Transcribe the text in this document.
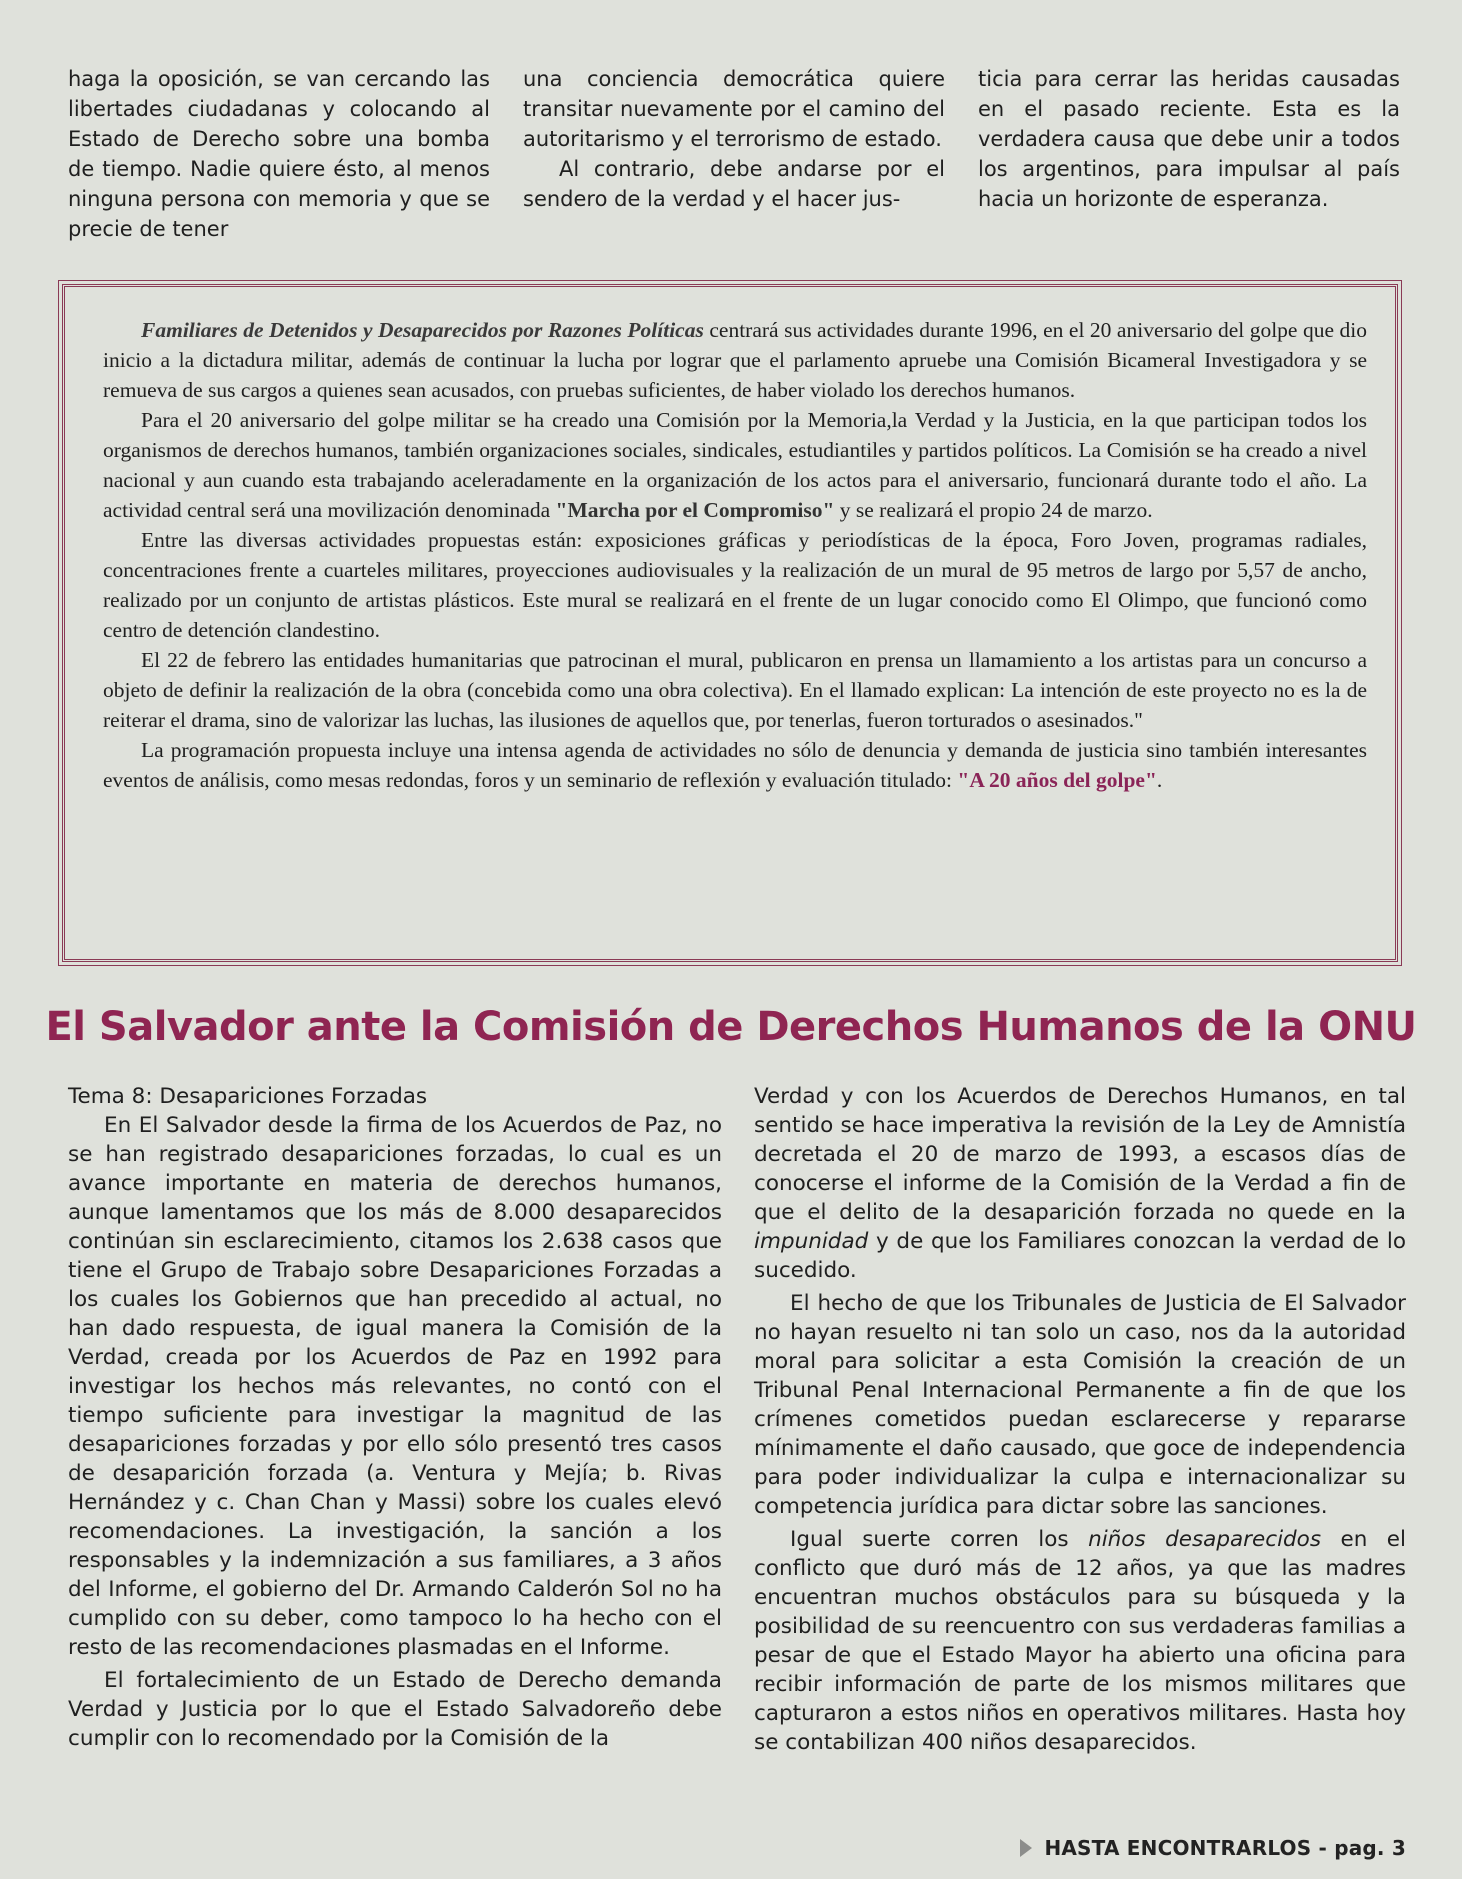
haga la oposición, se van cercando las libertades ciudadanas y colocando al Estado de Derecho sobre una bomba de tiempo. Nadie quiere ésto, al menos ninguna persona con memoria y que se precie de tener

una conciencia democrática quiere transitar nuevamente por el camino del autoritarismo y el terrorismo de estado.

Al contrario, debe andarse por el sendero de la verdad y el hacer jus-

ticia para cerrar las heridas causadas en el pasado reciente. Esta es la verdadera causa que debe unir a todos los argentinos, para impulsar al país hacia un horizonte de esperanza.

Familiares de Detenidos y Desaparecidos por Razones Políticas centrará sus actividades durante 1996, en el 20 aniversario del golpe que dio inicio a la dictadura militar, además de continuar la lucha por lograr que el parlamento apruebe una Comisión Bicameral Investigadora y se remueva de sus cargos a quienes sean acusados, con pruebas suficientes, de haber violado los derechos humanos.

Para el 20 aniversario del golpe militar se ha creado una Comisión por la Memoria,la Verdad y la Justicia, en la que participan todos los organismos de derechos humanos, también organizaciones sociales, sindicales, estudiantiles y partidos políticos. La Comisión se ha creado a nivel nacional y aun cuando esta trabajando aceleradamente en la organización de los actos para el aniversario, funcionará durante todo el año. La actividad central será una movilización denominada "Marcha por el Compromiso" y se realizará el propio 24 de marzo.

Entre las diversas actividades propuestas están: exposiciones gráficas y periodísticas de la época, Foro Joven, programas radiales, concentraciones frente a cuarteles militares, proyecciones audiovisuales y la realización de un mural de 95 metros de largo por 5,57 de ancho, realizado por un conjunto de artistas plásticos. Este mural se realizará en el frente de un lugar conocido como El Olimpo, que funcionó como centro de detención clandestino.

El 22 de febrero las entidades humanitarias que patrocinan el mural, publicaron en prensa un llamamiento a los artistas para un concurso a objeto de definir la realización de la obra (concebida como una obra colectiva). En el llamado explican: La intención de este proyecto no es la de reiterar el drama, sino de valorizar las luchas, las ilusiones de aquellos que, por tenerlas, fueron torturados o asesinados."

La programación propuesta incluye una intensa agenda de actividades no sólo de denuncia y demanda de justicia sino también interesantes eventos de análisis, como mesas redondas, foros y un seminario de reflexión y evaluación titulado: "A 20 años del golpe".

El Salvador ante la Comisión de Derechos Humanos de la ONU

Tema 8: Desapariciones Forzadas

En El Salvador desde la firma de los Acuerdos de Paz, no se han registrado desapariciones forzadas, lo cual es un avance importante en materia de derechos humanos, aunque lamentamos que los más de 8.000 desaparecidos continúan sin esclarecimiento, citamos los 2.638 casos que tiene el Grupo de Trabajo sobre Desapariciones Forzadas a los cuales los Gobiernos que han precedido al actual, no han dado respuesta, de igual manera la Comisión de la Verdad, creada por los Acuerdos de Paz en 1992 para investigar los hechos más relevantes, no contó con el tiempo suficiente para investigar la magnitud de las desapariciones forzadas y por ello sólo presentó tres casos de desaparición forzada (a. Ventura y Mejía; b. Rivas Hernández y c. Chan Chan y Massi) sobre los cuales elevó recomendaciones. La investigación, la sanción a los responsables y la indemnización a sus familiares, a 3 años del Informe, el gobierno del Dr. Armando Calderón Sol no ha cumplido con su deber, como tampoco lo ha hecho con el resto de las recomendaciones plasmadas en el Informe.

El fortalecimiento de un Estado de Derecho demanda Verdad y Justicia por lo que el Estado Salvadoreño debe cumplir con lo recomendado por la Comisión de la

Verdad y con los Acuerdos de Derechos Humanos, en tal sentido se hace imperativa la revisión de la Ley de Amnistía decretada el 20 de marzo de 1993, a escasos días de conocerse el informe de la Comisión de la Verdad a fin de que el delito de la desaparición forzada no quede en la impunidad y de que los Familiares conozcan la verdad de lo sucedido.

El hecho de que los Tribunales de Justicia de El Salvador no hayan resuelto ni tan solo un caso, nos da la autoridad moral para solicitar a esta Comisión la creación de un Tribunal Penal Internacional Permanente a fin de que los crímenes cometidos puedan esclarecerse y repararse mínimamente el daño causado, que goce de independencia para poder individualizar la culpa e internacionalizar su competencia jurídica para dictar sobre las sanciones.

Igual suerte corren los niños desaparecidos en el conflicto que duró más de 12 años, ya que las madres encuentran muchos obstáculos para su búsqueda y la posibilidad de su reencuentro con sus verdaderas familias a pesar de que el Estado Mayor ha abierto una oficina para recibir información de parte de los mismos militares que capturaron a estos niños en operativos militares. Hasta hoy se contabilizan 400 niños desaparecidos.

HASTA ENCONTRARLOS - pag. 3
